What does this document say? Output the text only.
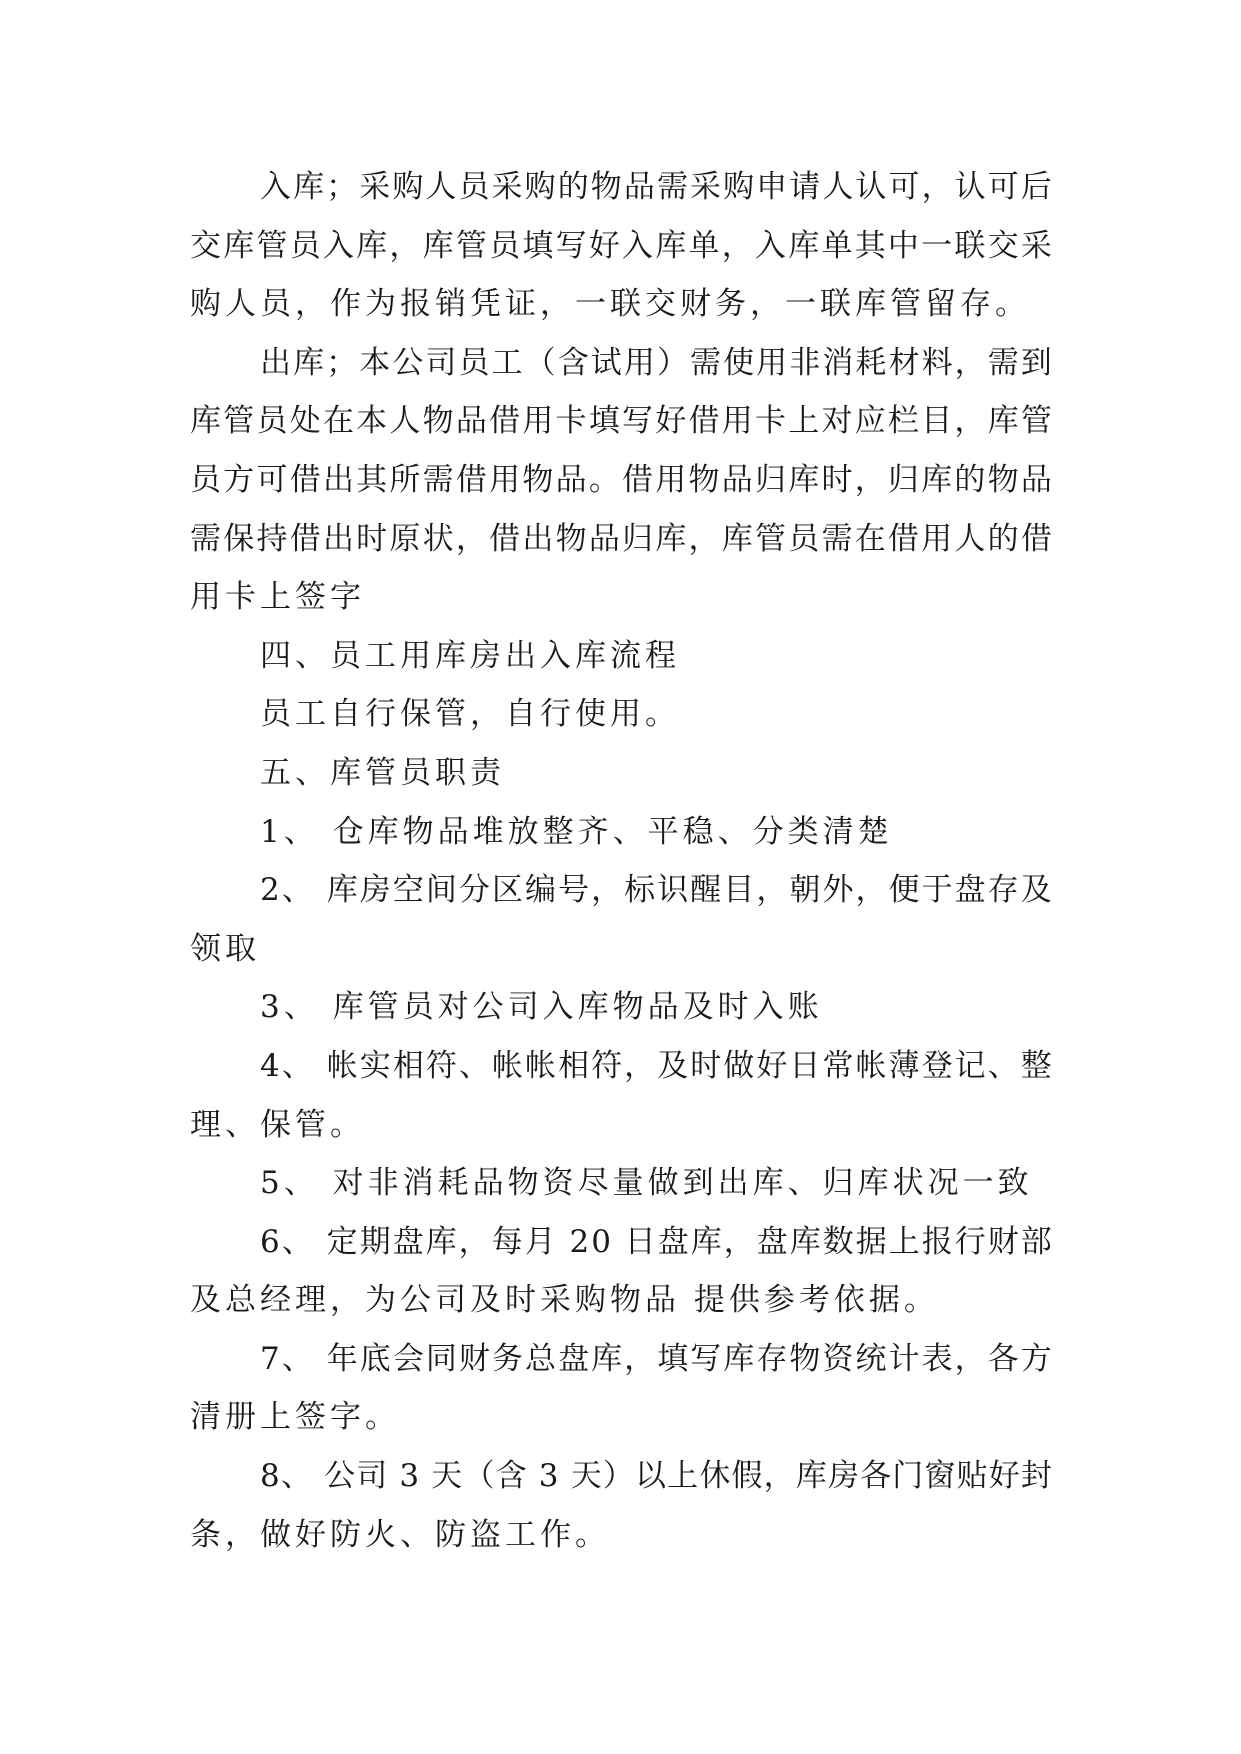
入 库 ； 采 购 人 员 采 购 的 物 品 需 采 购 申 请 人 认 可 ， 认 可 后
交 库 管 员 入 库 ， 库 管 员 填 写 好 入 库 单 ， 入 库 单 其 中 一 联 交 采
购人员，作为报销凭证，一联交财务，一联库管留存。
出 库 ； 本 公 司 员 工 （ 含 试 用 ） 需 使 用 非 消 耗 材 料 ， 需 到
库 管 员 处 在 本 人 物 品 借 用 卡 填 写 好 借 用 卡 上 对 应 栏 目 ， 库 管
员 方 可 借 出 其 所 需 借 用 物 品 。 借 用 物 品 归 库 时 ， 归 库 的 物 品
需 保 持 借 出 时 原 状 ， 借 出 物 品 归 库 ， 库 管 员 需 在 借 用 人 的 借
用卡上签字
四、员工用库房出入库流程
员工自行保管，自行使用。
五、库管员职责
1、 仓库物品堆放整齐、平稳、分类清楚
2 、
库 房 空 间 分 区 编 号 ， 标 识 醒 目 ， 朝 外 ， 便 于 盘 存 及
领取
3、 库管员对公司入库物品及时入账
4 、
帐 实 相 符 、 帐 帐 相 符 ， 及 时 做 好 日 常 帐 薄 登 记 、 整
理、保管。
5、 对非消耗品物资尽量做到出库、归库状况一致
6 、
定 期 盘 库 ， 每 月
2 0
日 盘 库 ， 盘 库 数 据 上 报 行 财 部
及总经理，为公司及时采购物品 提供参考依据。
7 、
年 底 会 同 财 务 总 盘 库 ， 填 写 库 存 物 资 统 计 表 ， 各 方
清册上签字。
8 、
公 司
3
天 （ 含
3
天 ） 以 上 休 假 ， 库 房 各 门 窗 贴 好 封
条，做好防火、防盗工作。
